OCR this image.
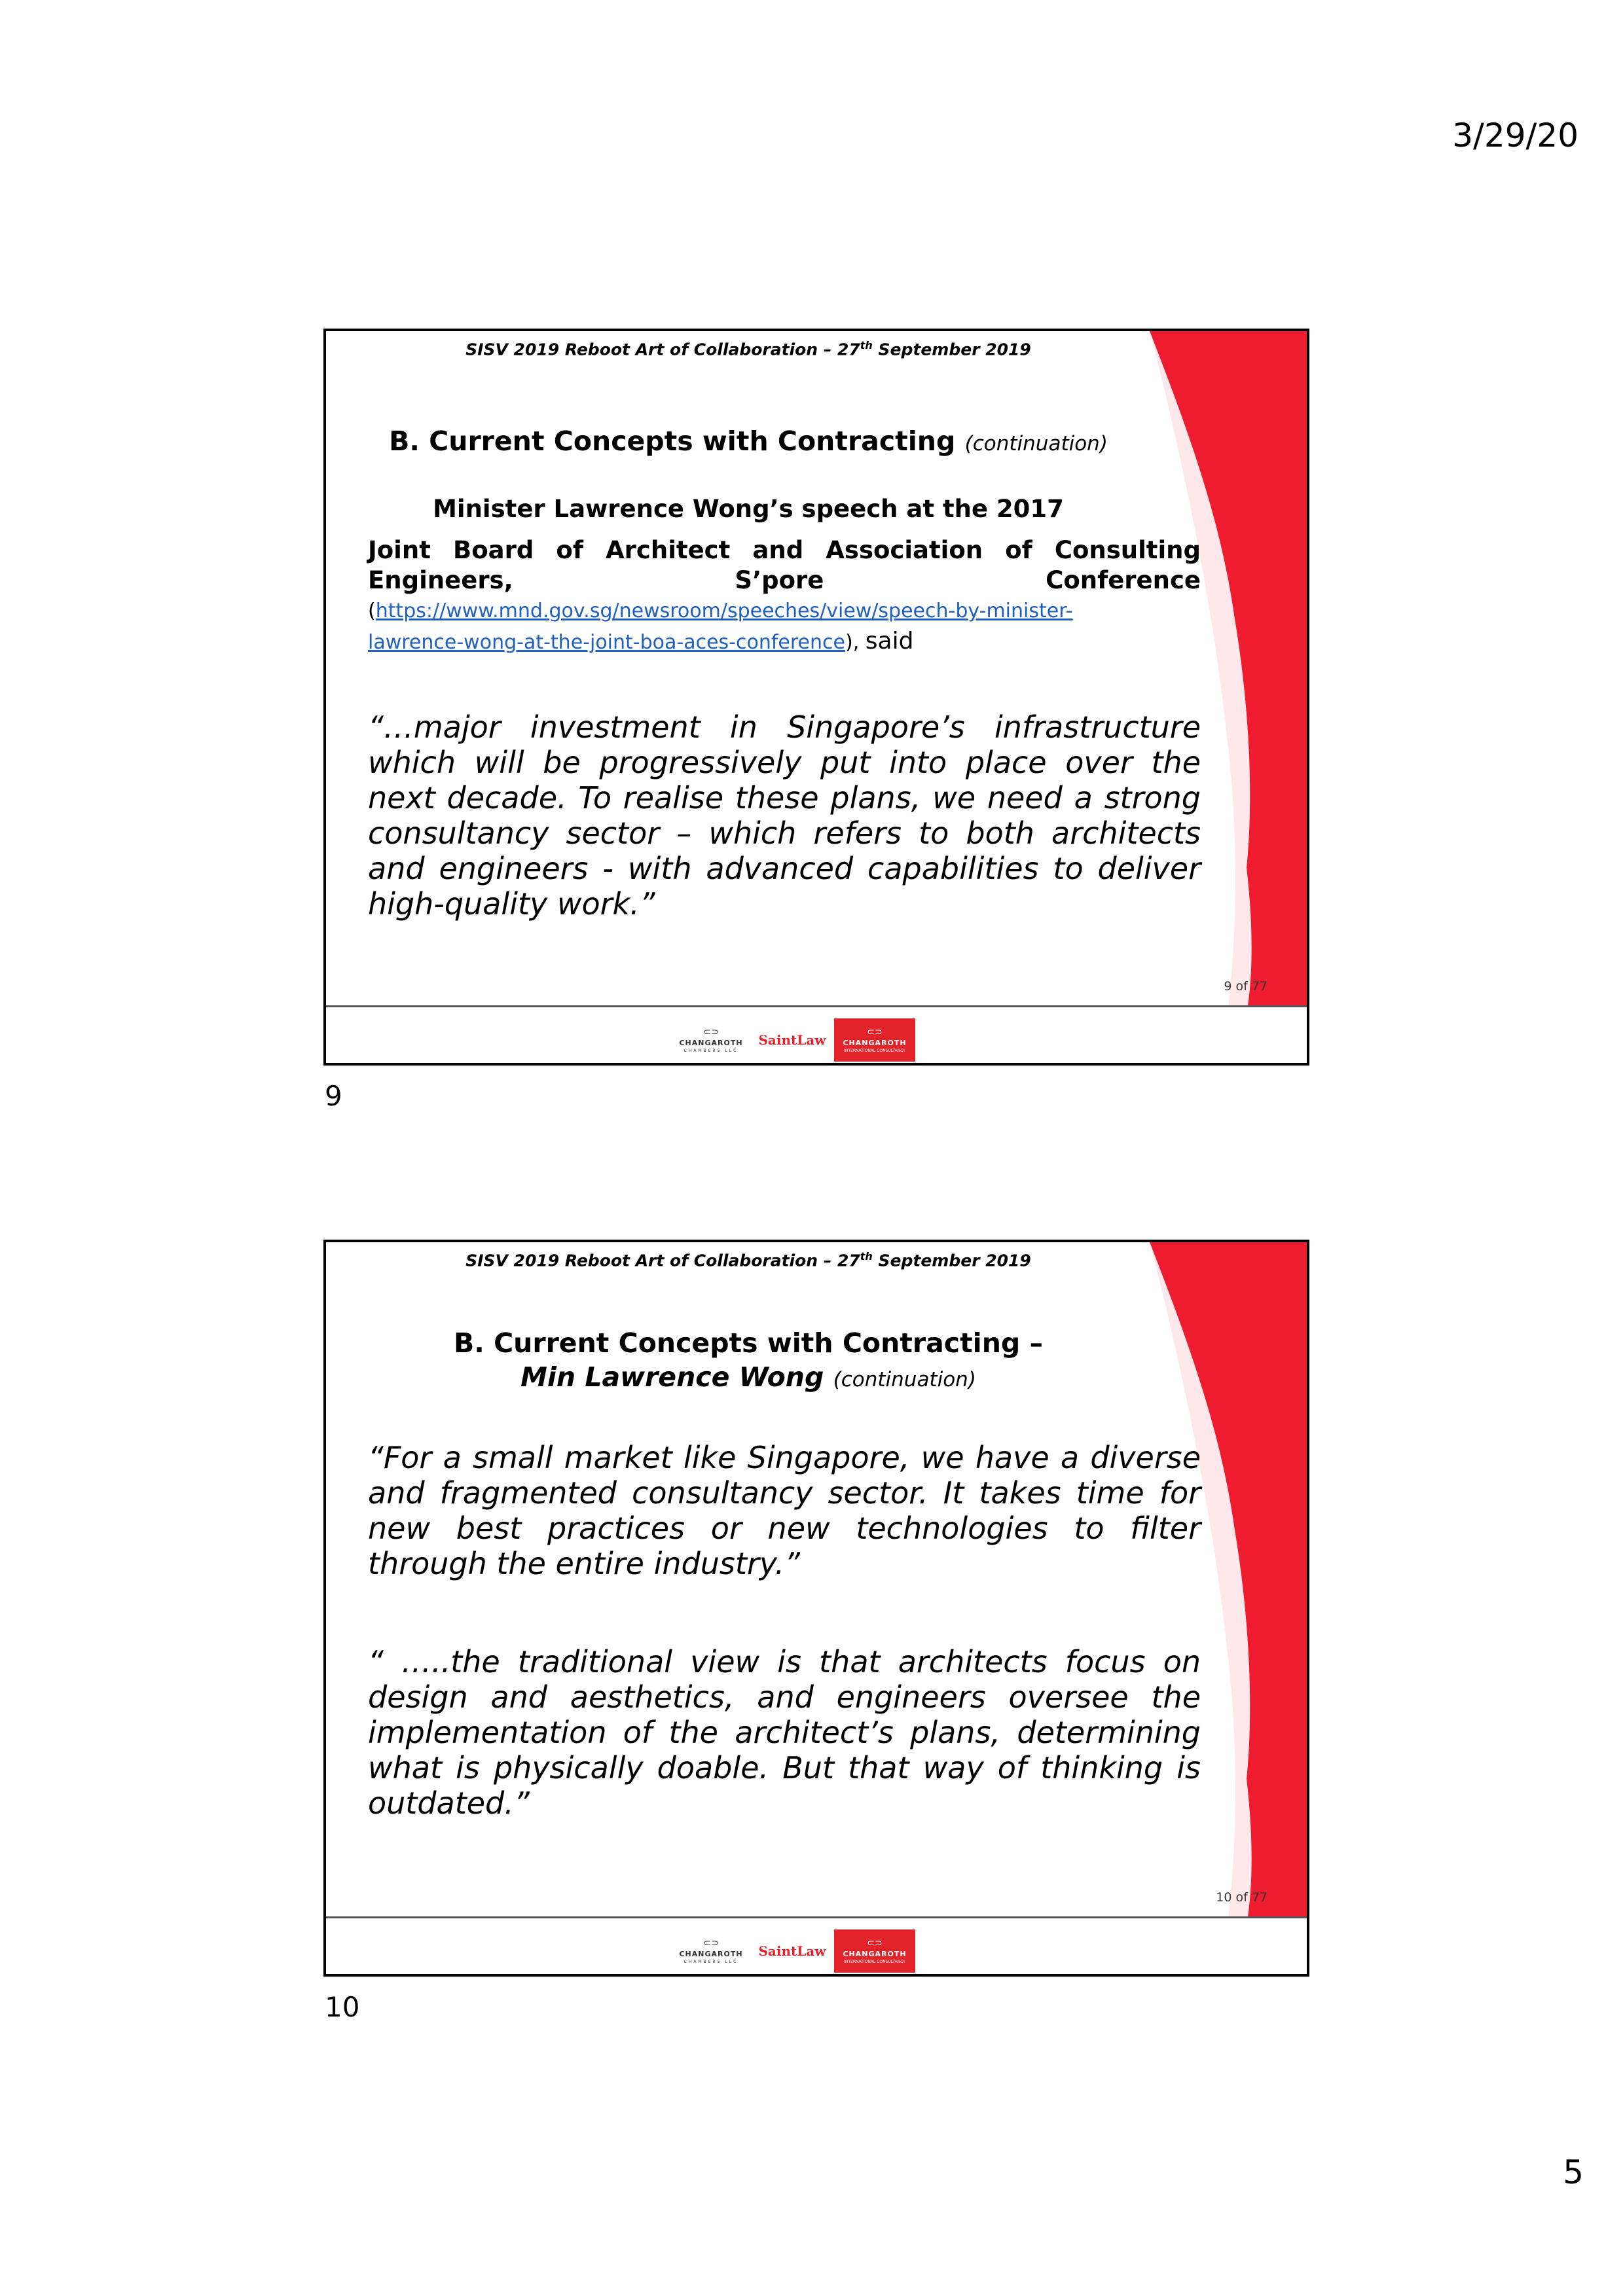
3/29/20
SISV 2019 Reboot Art of Collaboration – 27th September 2019
B. Current Concepts with Contracting (continuation)
Minister Lawrence Wong’s speech at the 2017
Joint Board of Architect and Association of Consulting
Engineers, S’pore Conference
(https://www.mnd.gov.sg/newsroom/speeches/view/speech-by-minister-
lawrence-wong-at-the-joint-boa-aces-conference), said
“…major investment in Singapore’s infrastructure which will be progressively put into place over the next decade. To realise these plans, we need a strong consultancy sector – which refers to both architects and engineers - with advanced capabilities to deliver high-quality work.”
9 of 77
⊂⊃
CHANGAROTH
CHAMBERS LLC
SaintLaw	⊂⊃
CHANGAROTH
INTERNATIONAL CONSULTANCY
9
SISV 2019 Reboot Art of Collaboration – 27th September 2019
B. Current Concepts with Contracting –
Min Lawrence Wong (continuation)
“For a small market like Singapore, we have a diverse and fragmented consultancy sector. It takes time for new best practices or new technologies to filter through the entire industry.”
“ …..the traditional view is that architects focus on design and aesthetics, and engineers oversee the implementation of the architect’s plans, determining what is physically doable. But that way of thinking is outdated.”
10 of 77
⊂⊃
CHANGAROTH
CHAMBERS LLC
SaintLaw	⊂⊃
CHANGAROTH
INTERNATIONAL CONSULTANCY
10
5
